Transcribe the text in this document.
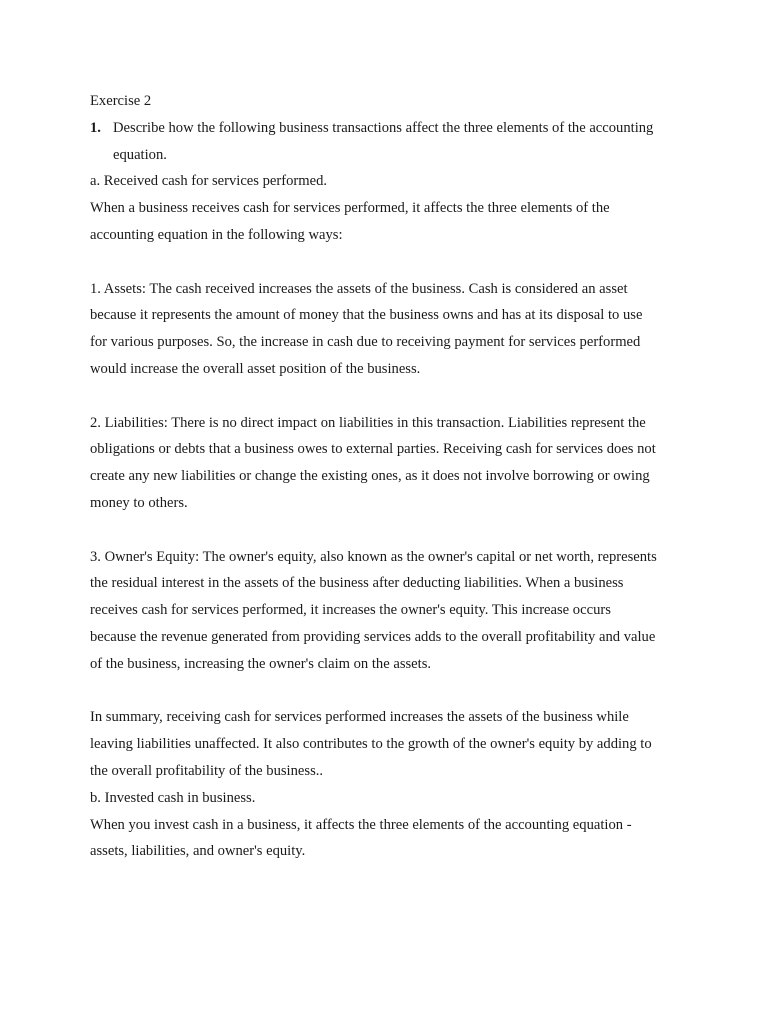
Exercise 2

1. Describe how the following business transactions affect the three elements of the accounting

equation.

a. Received cash for services performed.

When a business receives cash for services performed, it affects the three elements of the

accounting equation in the following ways:

1. Assets: The cash received increases the assets of the business. Cash is considered an asset

because it represents the amount of money that the business owns and has at its disposal to use

for various purposes. So, the increase in cash due to receiving payment for services performed

would increase the overall asset position of the business.

2. Liabilities: There is no direct impact on liabilities in this transaction. Liabilities represent the

obligations or debts that a business owes to external parties. Receiving cash for services does not

create any new liabilities or change the existing ones, as it does not involve borrowing or owing

money to others.

3. Owner's Equity: The owner's equity, also known as the owner's capital or net worth, represents

the residual interest in the assets of the business after deducting liabilities. When a business

receives cash for services performed, it increases the owner's equity. This increase occurs

because the revenue generated from providing services adds to the overall profitability and value

of the business, increasing the owner's claim on the assets.

In summary, receiving cash for services performed increases the assets of the business while

leaving liabilities unaffected. It also contributes to the growth of the owner's equity by adding to

the overall profitability of the business..

b. Invested cash in business.

When you invest cash in a business, it affects the three elements of the accounting equation -

assets, liabilities, and owner's equity.
